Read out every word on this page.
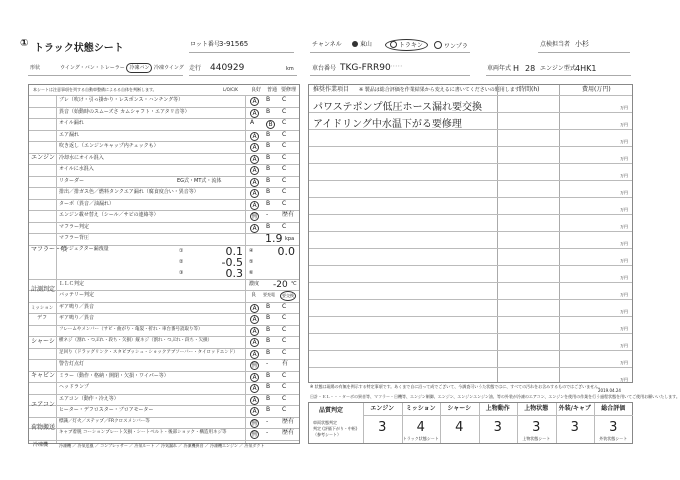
① トラック状態シート	ロット番号 3-91565	チャンネル	東山	トラキン	ワンプラ	点検担当者 小杉
形状	ウイング・バン・トレーラー 冷凍バン 冷凍ウイング 走行 440929	km	車台番号 TKG-FRR90 ･････	車両年式 H 28 エンジン型式 4HK1
本シートは注意事項を列する自動車整備によるる自体を判断します。	L/O/C/K	良好 普通 要修理
ブレ（吹け・引っ掛かり・レスポンス・ハンチング等）	A	B C
異音（始動時のスムーズさ カムシャフト・エアタリ音等）	A	B C
オイル漏れ	A	B	C
エア漏れ	A	B C
吹き返し（エンジンキャップ内チェックも）	A	B C
冷却水にオイル混入	A	B C
オイルに水混入	A	B C
リターダー	EG式・MT式・流体	A	B C
排出／排ガス色／燃料タンクエア漏れ（腐食度合い・異音等）	A	B C
ターボ（異音／油漏れ）	A	B C
エンジン載せ替え（シール／サビの連絡等）	無 - 歴有
エンジン
マフラー判定	A	B C
マフラー背圧	1.9 kpa
インジェクター漏洩量	①	0.1 ④	0.0
②	-0.5 ⑤
③	0.3 ⑥
マフラー・噴
ＬＬＣ判定	濃度 -20 ℃
バッテリー判定	良 要充電	要交換
計測判定
ミッション ギア鳴り／異音	A	B C
デフ ギア鳴り／異音	A	B C
フレームやメンバー（サビ・曲がり・亀裂・折れ・車台番号読取り等）	A	B C
横ネジ（割れ・つぶれ・段ち・欠損）縦ネジ（割れ・つぶれ・段ち・欠損）	A	B C
足回り（ドラッグリンク・スタビブッシュ・ショックアブソーバー・タイロッドエンド）	A	B C
シャーシ
警告灯点灯	無 - 有
ミラー（動作・格納・開閉・欠損・ワイパー等）	A	B C
ヘッドランプ	A	B C
キャビン
エアコン（動作・冷え等）	A	B C
ヒーター・デフロスター・ブロアモーター	A	B C
エアコン
標識／灯火／ステップ／FRクロスメンバー等	無 - 歴有
キャブ着脱 コーションプレート欠損・シートベルト・後部ショック・構造用ネジ等	無 - 歴有
荷物搬送
冷凍機	冷凍機 ／ 冷気送風 ／ コンプレッサー ／ 冷気ルート ／ 冷気漏れ ／ 冷凍機異音 ／ 冷凍機エンジン ／ 冷気ダクト
推奨作業項目 ※ 製品は総合評価を作業結果から変えるに書いてくださいの題用します。
時間(h)	費用(万円)
パワステポンプ低圧ホース漏れ要交換	万円
アイドリング中水温下がる要修理	万円
万円
万円
万円
万円
万円
万円
万円
万円
万円
万円
万円
万円
万円
万円
万円
※ 状態は現場の有無を例示する特定事項です。あくまで自に沿って成でございて、今調査可いうた状態ではに、すべての汚れをお含みするものではございません。
日計・ＥＬ・・・ターボの異音等、マフラー・日機等、エンジン制御、エンジン、エンジンエンジン油、等の外装が冷凍のエアコン、エンジンを使用の作業を行う過程状態を用いてご使用お願いいたします。
2019.04.24
品質判定
車両状態判定
判定 (評価下がり・中枢)
（参考シート）
エンジン
3
ミッション
4
トラック状態シート
シャーシ
4
上物動作
3
上物状態
3
上物状態シート
外装/キャブ
3
総合評価
3
外装状態シート
